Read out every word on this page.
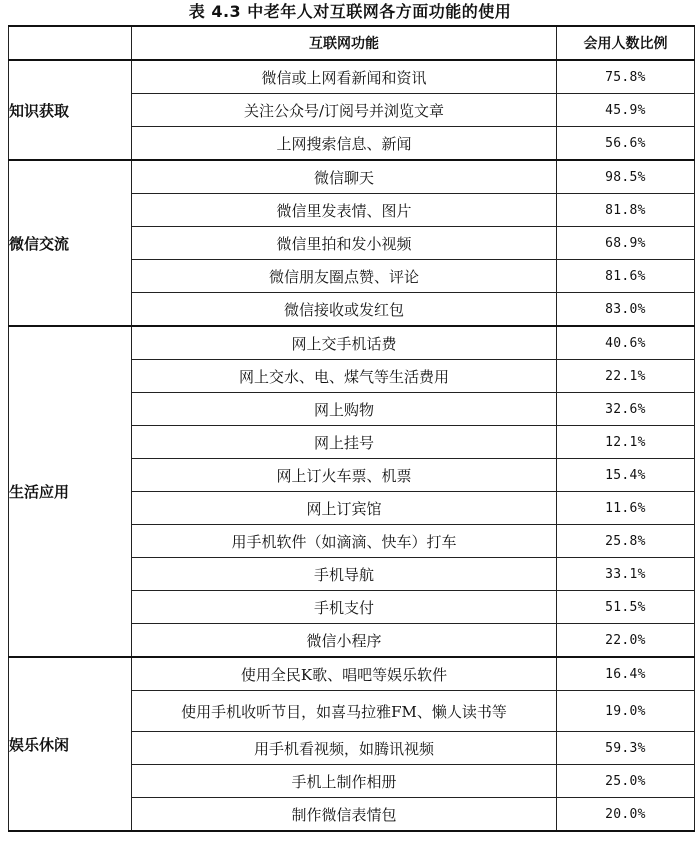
表 4.3 中老年人对互联网各方面功能的使用
	互联网功能	会用人数比例
知识获取	微信或上网看新闻和资讯	75.8%
	关注公众号/订阅号并浏览文章	45.9%
	上网搜索信息、新闻	56.6%
微信交流	微信聊天	98.5%
	微信里发表情、图片	81.8%
	微信里拍和发小视频	68.9%
	微信朋友圈点赞、评论	81.6%
	微信接收或发红包	83.0%
生活应用	网上交手机话费	40.6%
	网上交水、电、煤气等生活费用	22.1%
	网上购物	32.6%
	网上挂号	12.1%
	网上订火车票、机票	15.4%
	网上订宾馆	11.6%
	用手机软件（如滴滴、快车）打车	25.8%
	手机导航	33.1%
	手机支付	51.5%
	微信小程序	22.0%
娱乐休闲	使用全民K歌、唱吧等娱乐软件	16.4%
	使用手机收听节目，如喜马拉雅FM、懒人读书等	19.0%
	用手机看视频，如腾讯视频	59.3%
	手机上制作相册	25.0%
	制作微信表情包	20.0%
